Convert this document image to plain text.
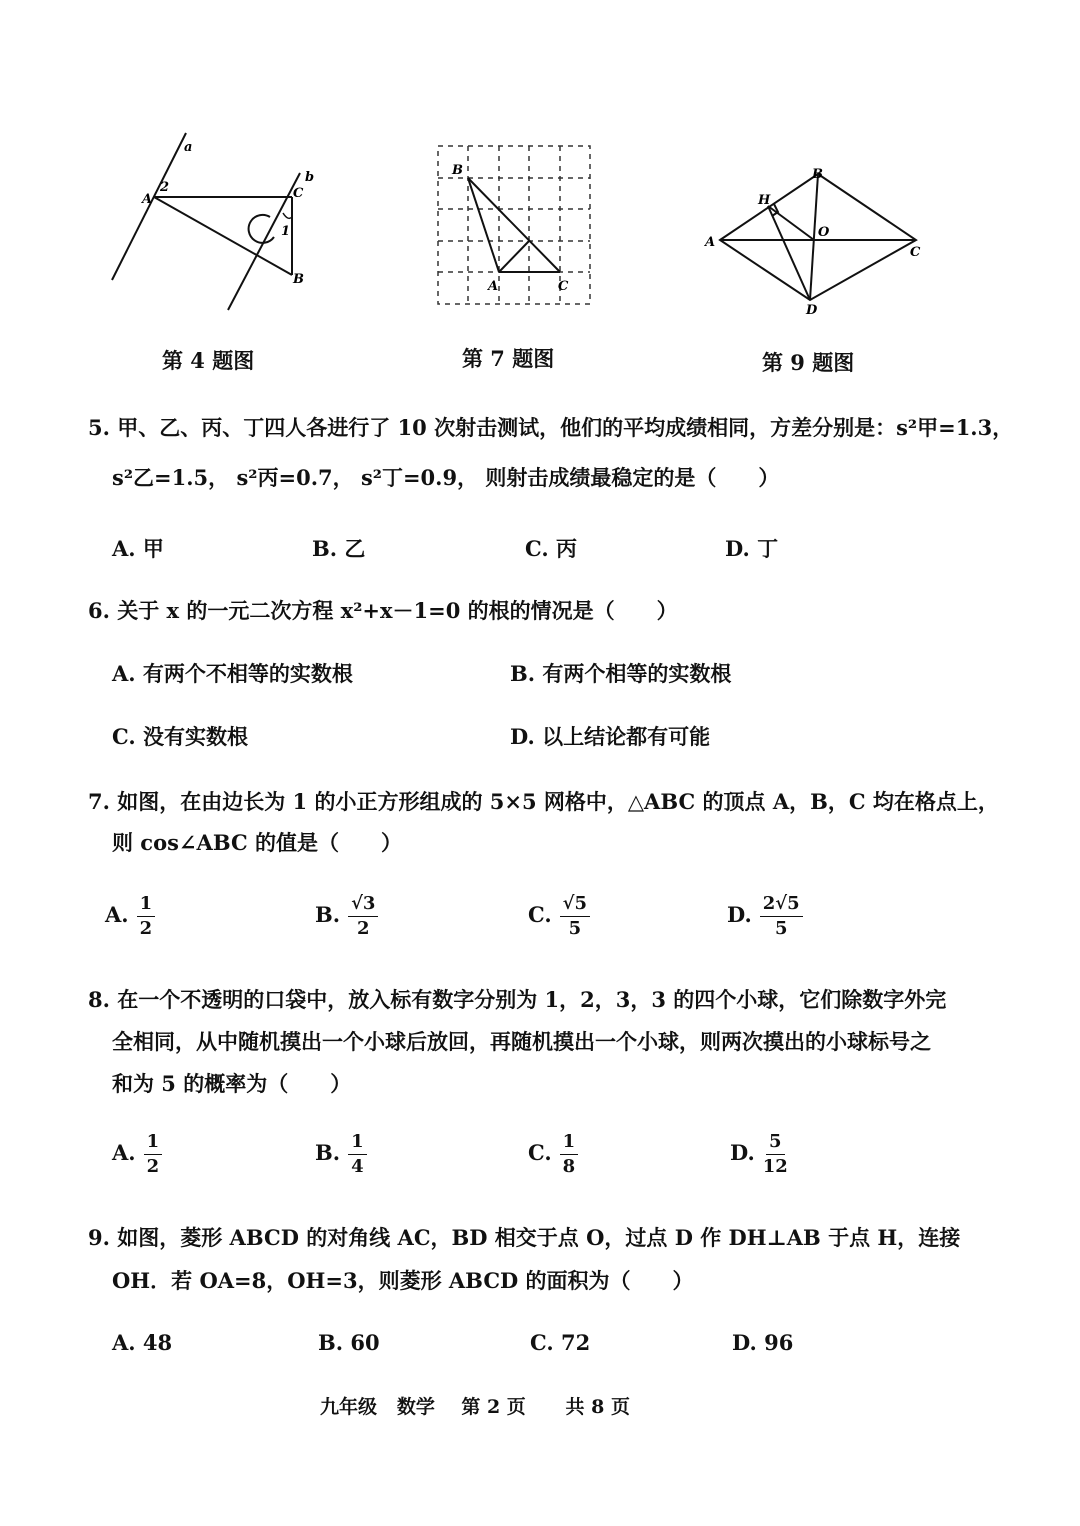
a
b
A
2	C
1
B
第 4 题图
B
A	C
第 7 题图
A
B
C
D
H
O
第 9 题图
5. 甲、乙、丙、丁四人各进行了 10 次射击测试，他们的平均成绩相同，方差分别是：s²甲=1.3，
s²乙=1.5， s²丙=0.7， s²丁=0.9， 则射击成绩最稳定的是（　　）
A. 甲	B. 乙	C. 丙	D. 丁
6. 关于 x 的一元二次方程 x²+x－1=0 的根的情况是（　　）
A. 有两个不相等的实数根	B. 有两个相等的实数根
C. 没有实数根	D. 以上结论都有可能
7. 如图，在由边长为 1 的小正方形组成的 5×5 网格中，△ABC 的顶点 A，B，C 均在格点上，
则 cos∠ABC 的值是（　　）
A. $\frac{1}{2}$	B. $\frac{√3}{2}$	C. $\frac{√5}{5}$	D. $\frac{2√5}{5}$
8. 在一个不透明的口袋中，放入标有数字分别为 1，2，3，3 的四个小球，它们除数字外完
全相同，从中随机摸出一个小球后放回，再随机摸出一个小球，则两次摸出的小球标号之
和为 5 的概率为（　　）
A. $\frac{1}{2}$	B. $\frac{1}{4}$	C. $\frac{1}{8}$	D. $\frac{5}{12}$
9. 如图，菱形 ABCD 的对角线 AC，BD 相交于点 O，过点 D 作 DH⊥AB 于点 H，连接
OH．若 OA=8，OH=3，则菱形 ABCD 的面积为（　　）
A. 48	B. 60	C. 72	D. 96
九年级 数学 第 2 页 共 8 页
